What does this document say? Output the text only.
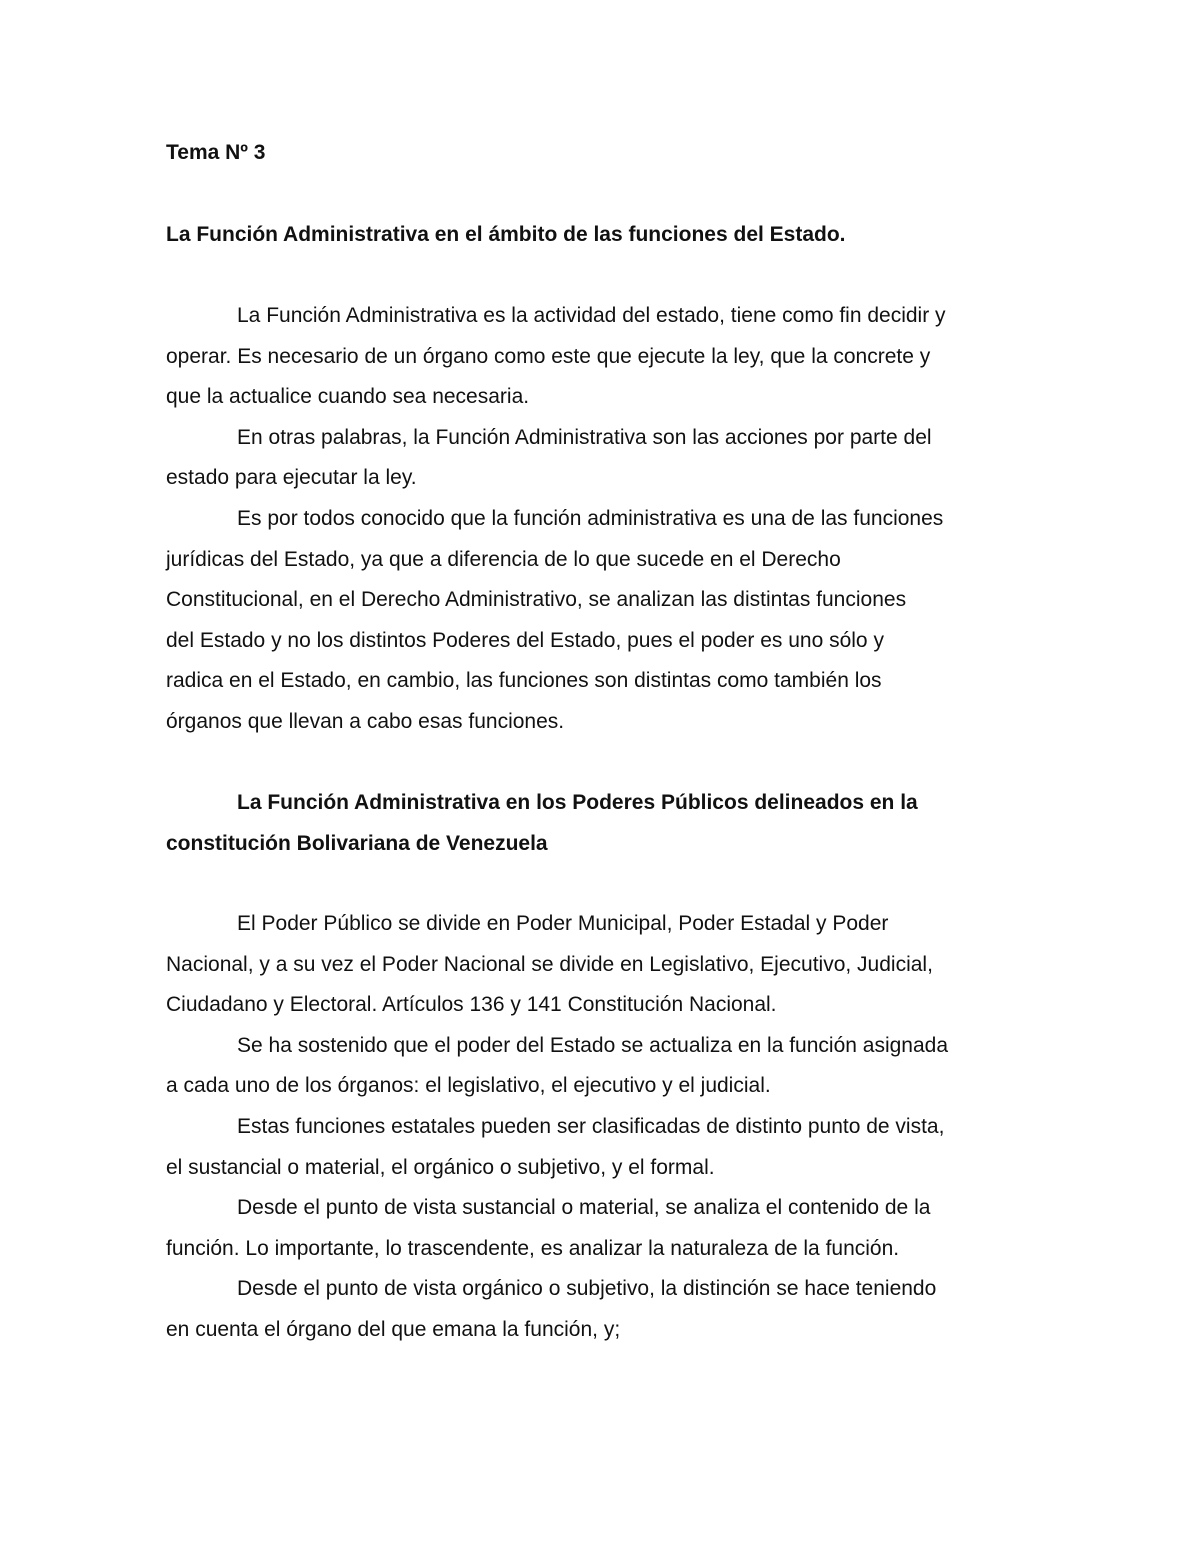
Tema Nº 3
La Función Administrativa en el ámbito de las funciones del Estado.
La Función Administrativa es la actividad del estado, tiene como fin decidir y
operar. Es necesario de un órgano como este que ejecute la ley, que la concrete y
que la actualice cuando sea necesaria.
En otras palabras, la Función Administrativa son las acciones por parte del
estado para ejecutar la ley.
Es por todos conocido que la función administrativa es una de las funciones
jurídicas del Estado, ya que a diferencia de lo que sucede en el Derecho
Constitucional, en el Derecho Administrativo, se analizan las distintas funciones
del Estado y no los distintos Poderes del Estado, pues el poder es uno sólo y
radica en el Estado, en cambio, las funciones son distintas como también los
órganos que llevan a cabo esas funciones.
La Función Administrativa en los Poderes Públicos delineados en la
constitución Bolivariana de Venezuela
El Poder Público se divide en Poder Municipal, Poder Estadal y Poder
Nacional, y a su vez el Poder Nacional se divide en Legislativo, Ejecutivo, Judicial,
Ciudadano y Electoral. Artículos 136 y 141 Constitución Nacional.
Se ha sostenido que el poder del Estado se actualiza en la función asignada
a cada uno de los órganos: el legislativo, el ejecutivo y el judicial.
Estas funciones estatales pueden ser clasificadas de distinto punto de vista,
el sustancial o material, el orgánico o subjetivo, y el formal.
Desde el punto de vista sustancial o material, se analiza el contenido de la
función. Lo importante, lo trascendente, es analizar la naturaleza de la función.
Desde el punto de vista orgánico o subjetivo, la distinción se hace teniendo
en cuenta el órgano del que emana la función, y;
